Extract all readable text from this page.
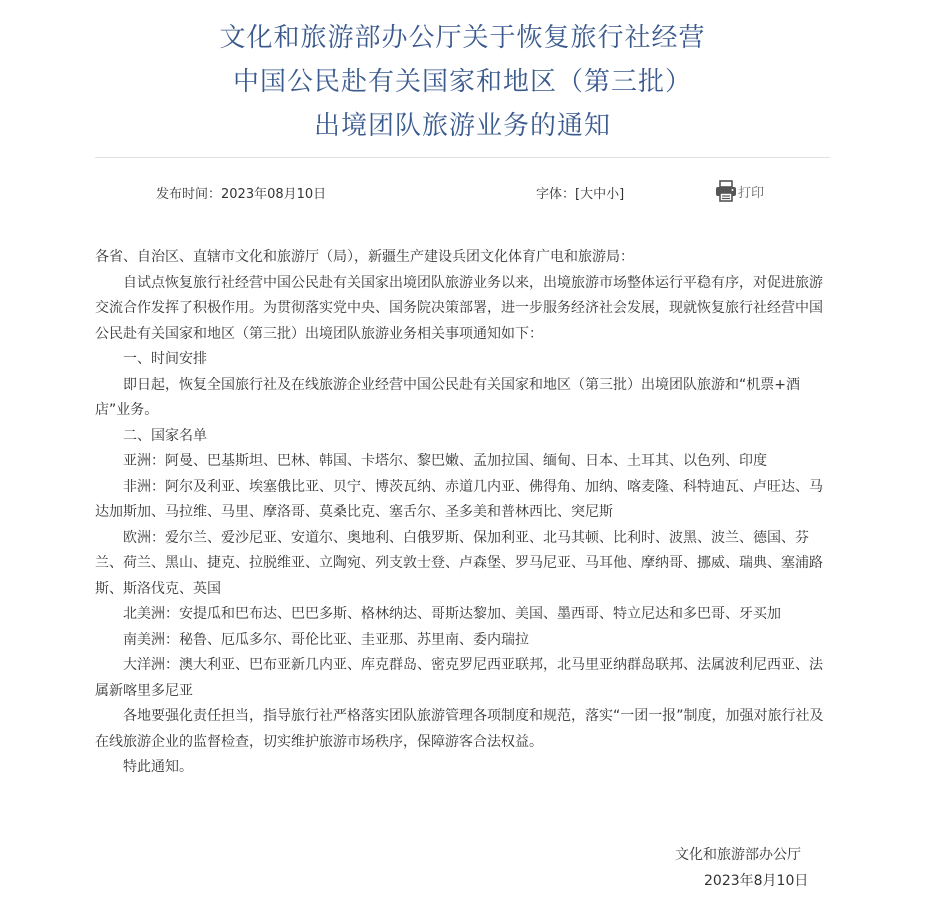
文化和旅游部办公厅关于恢复旅行社经营
中国公民赴有关国家和地区（第三批）
出境团队旅游业务的通知
发布时间：2023年08月10日	字体：[大中小]	打印

各省、自治区、直辖市文化和旅游厅（局），新疆生产建设兵团文化体育广电和旅游局：

自试点恢复旅行社经营中国公民赴有关国家出境团队旅游业务以来，出境旅游市场整体运行平稳有序，对促进旅游交流合作发挥了积极作用。为贯彻落实党中央、国务院决策部署，进一步服务经济社会发展，现就恢复旅行社经营中国公民赴有关国家和地区（第三批）出境团队旅游业务相关事项通知如下：

一、时间安排

即日起，恢复全国旅行社及在线旅游企业经营中国公民赴有关国家和地区（第三批）出境团队旅游和“机票+酒店”业务。

二、国家名单

亚洲：阿曼、巴基斯坦、巴林、韩国、卡塔尔、黎巴嫩、孟加拉国、缅甸、日本、土耳其、以色列、印度

非洲：阿尔及利亚、埃塞俄比亚、贝宁、博茨瓦纳、赤道几内亚、佛得角、加纳、喀麦隆、科特迪瓦、卢旺达、马达加斯加、马拉维、马里、摩洛哥、莫桑比克、塞舌尔、圣多美和普林西比、突尼斯

欧洲：爱尔兰、爱沙尼亚、安道尔、奥地利、白俄罗斯、保加利亚、北马其顿、比利时、波黑、波兰、德国、芬兰、荷兰、黑山、捷克、拉脱维亚、立陶宛、列支敦士登、卢森堡、罗马尼亚、马耳他、摩纳哥、挪威、瑞典、塞浦路斯、斯洛伐克、英国

北美洲：安提瓜和巴布达、巴巴多斯、格林纳达、哥斯达黎加、美国、墨西哥、特立尼达和多巴哥、牙买加

南美洲：秘鲁、厄瓜多尔、哥伦比亚、圭亚那、苏里南、委内瑞拉

大洋洲：澳大利亚、巴布亚新几内亚、库克群岛、密克罗尼西亚联邦，北马里亚纳群岛联邦、法属波利尼西亚、法属新喀里多尼亚

各地要强化责任担当，指导旅行社严格落实团队旅游管理各项制度和规范，落实“一团一报”制度，加强对旅行社及在线旅游企业的监督检查，切实维护旅游市场秩序，保障游客合法权益。

特此通知。

文化和旅游部办公厅
2023年8月10日
